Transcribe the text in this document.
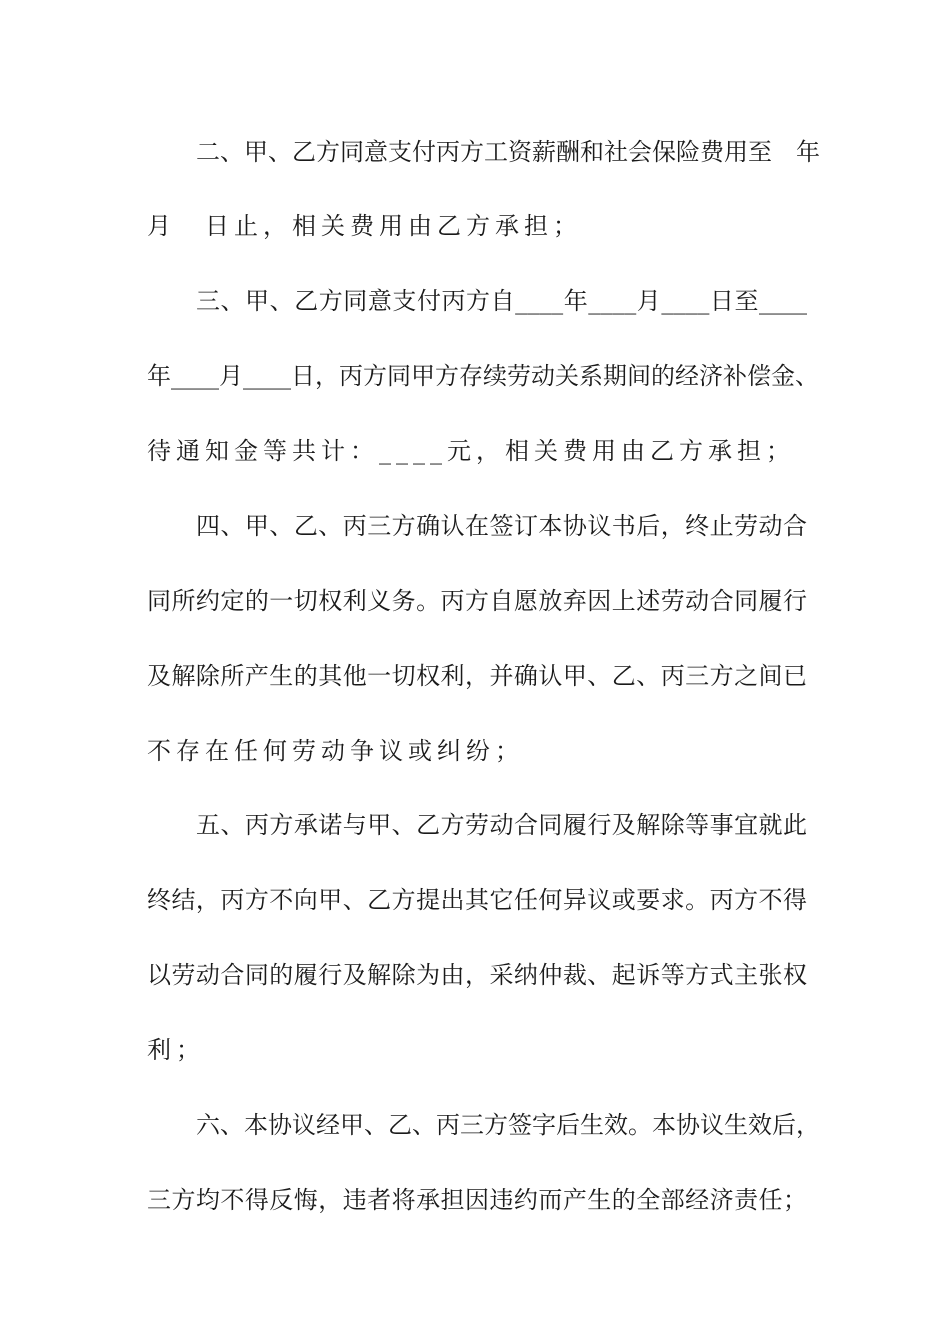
二、甲、乙方同意支付丙方工资薪酬和社会保险费用至　年
月　日止，相关费用由乙方承担；
三、甲、乙方同意支付丙方自____年____月____日至____
年____月____日，丙方同甲方存续劳动关系期间的经济补偿金、
待通知金等共计：____元，相关费用由乙方承担；
四、甲、乙、丙三方确认在签订本协议书后，终止劳动合
同所约定的一切权利义务。丙方自愿放弃因上述劳动合同履行
及解除所产生的其他一切权利，并确认甲、乙、丙三方之间已
不存在任何劳动争议或纠纷；
五、丙方承诺与甲、乙方劳动合同履行及解除等事宜就此
终结，丙方不向甲、乙方提出其它任何异议或要求。丙方不得
以劳动合同的履行及解除为由，采纳仲裁、起诉等方式主张权
利；
六、本协议经甲、乙、丙三方签字后生效。本协议生效后，
三方均不得反悔，违者将承担因违约而产生的全部经济责任；
